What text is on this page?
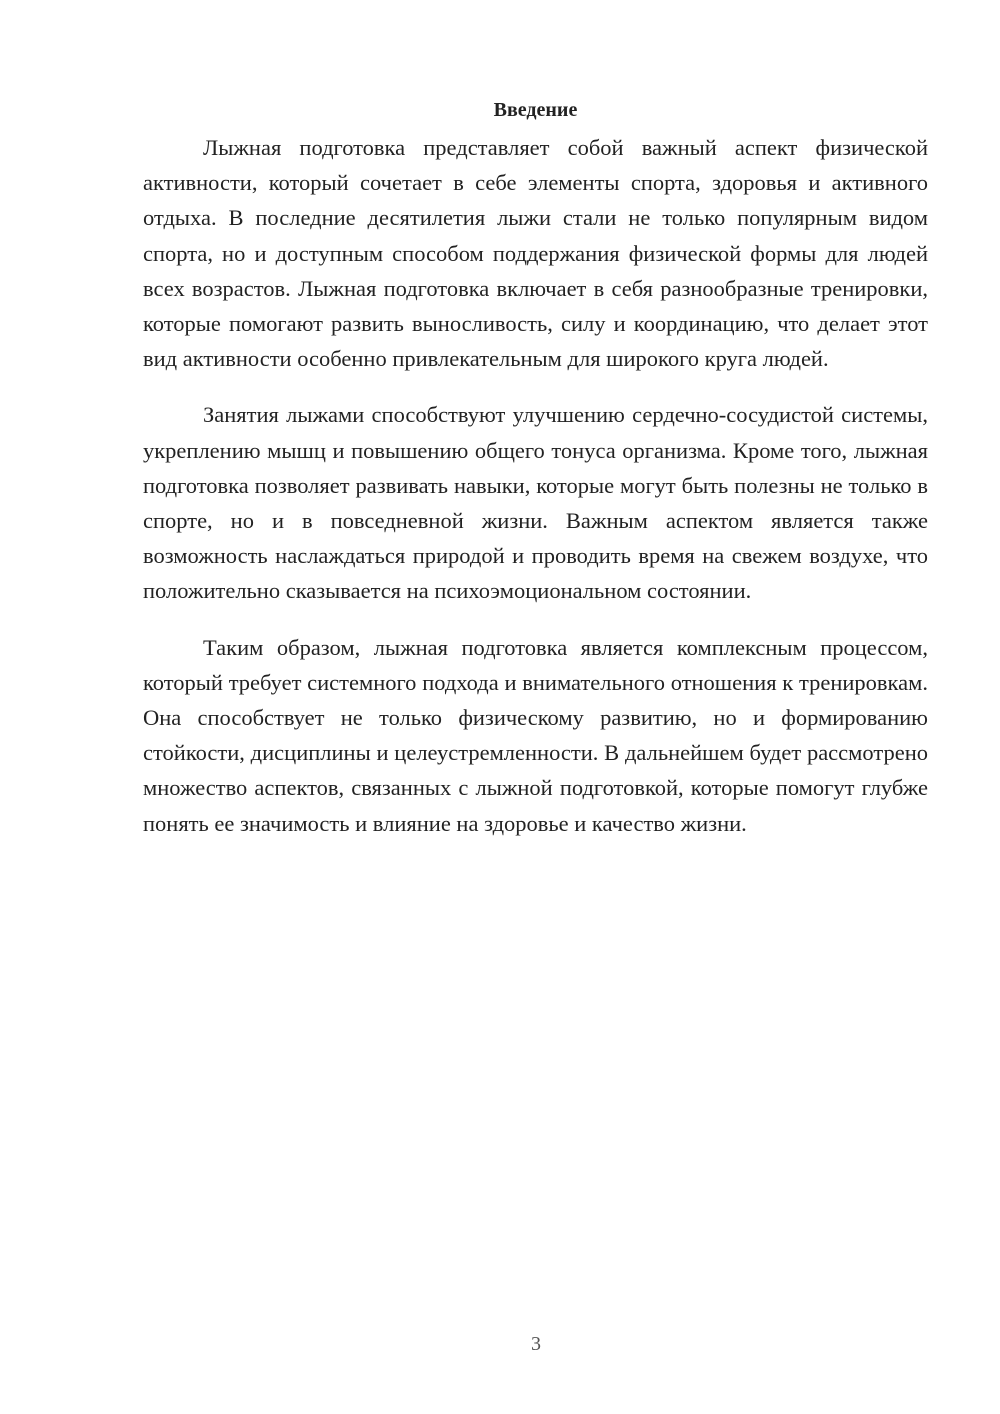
Введение

Лыжная подготовка представляет собой важный аспект физической активности, который сочетает в себе элементы спорта, здоровья и активного отдыха. В последние десятилетия лыжи стали не только популярным видом спорта, но и доступным способом поддержания физической формы для людей всех возрастов. Лыжная подготовка включает в себя разнообразные тренировки, которые помогают развить выносливость, силу и координацию, что делает этот вид активности особенно привлекательным для широкого круга людей.

Занятия лыжами способствуют улучшению сердечно-сосудистой системы, укреплению мышц и повышению общего тонуса организма. Кроме того, лыжная подготовка позволяет развивать навыки, которые могут быть полезны не только в спорте, но и в повседневной жизни. Важным аспектом является также возможность наслаждаться природой и проводить время на свежем воздухе, что положительно сказывается на психоэмоциональном состоянии.

Таким образом, лыжная подготовка является комплексным процессом, который требует системного подхода и внимательного отношения к тренировкам. Она способствует не только физическому развитию, но и формированию стойкости, дисциплины и целеустремленности. В дальнейшем будет рассмотрено множество аспектов, связанных с лыжной подготовкой, которые помогут глубже понять ее значимость и влияние на здоровье и качество жизни.

3
